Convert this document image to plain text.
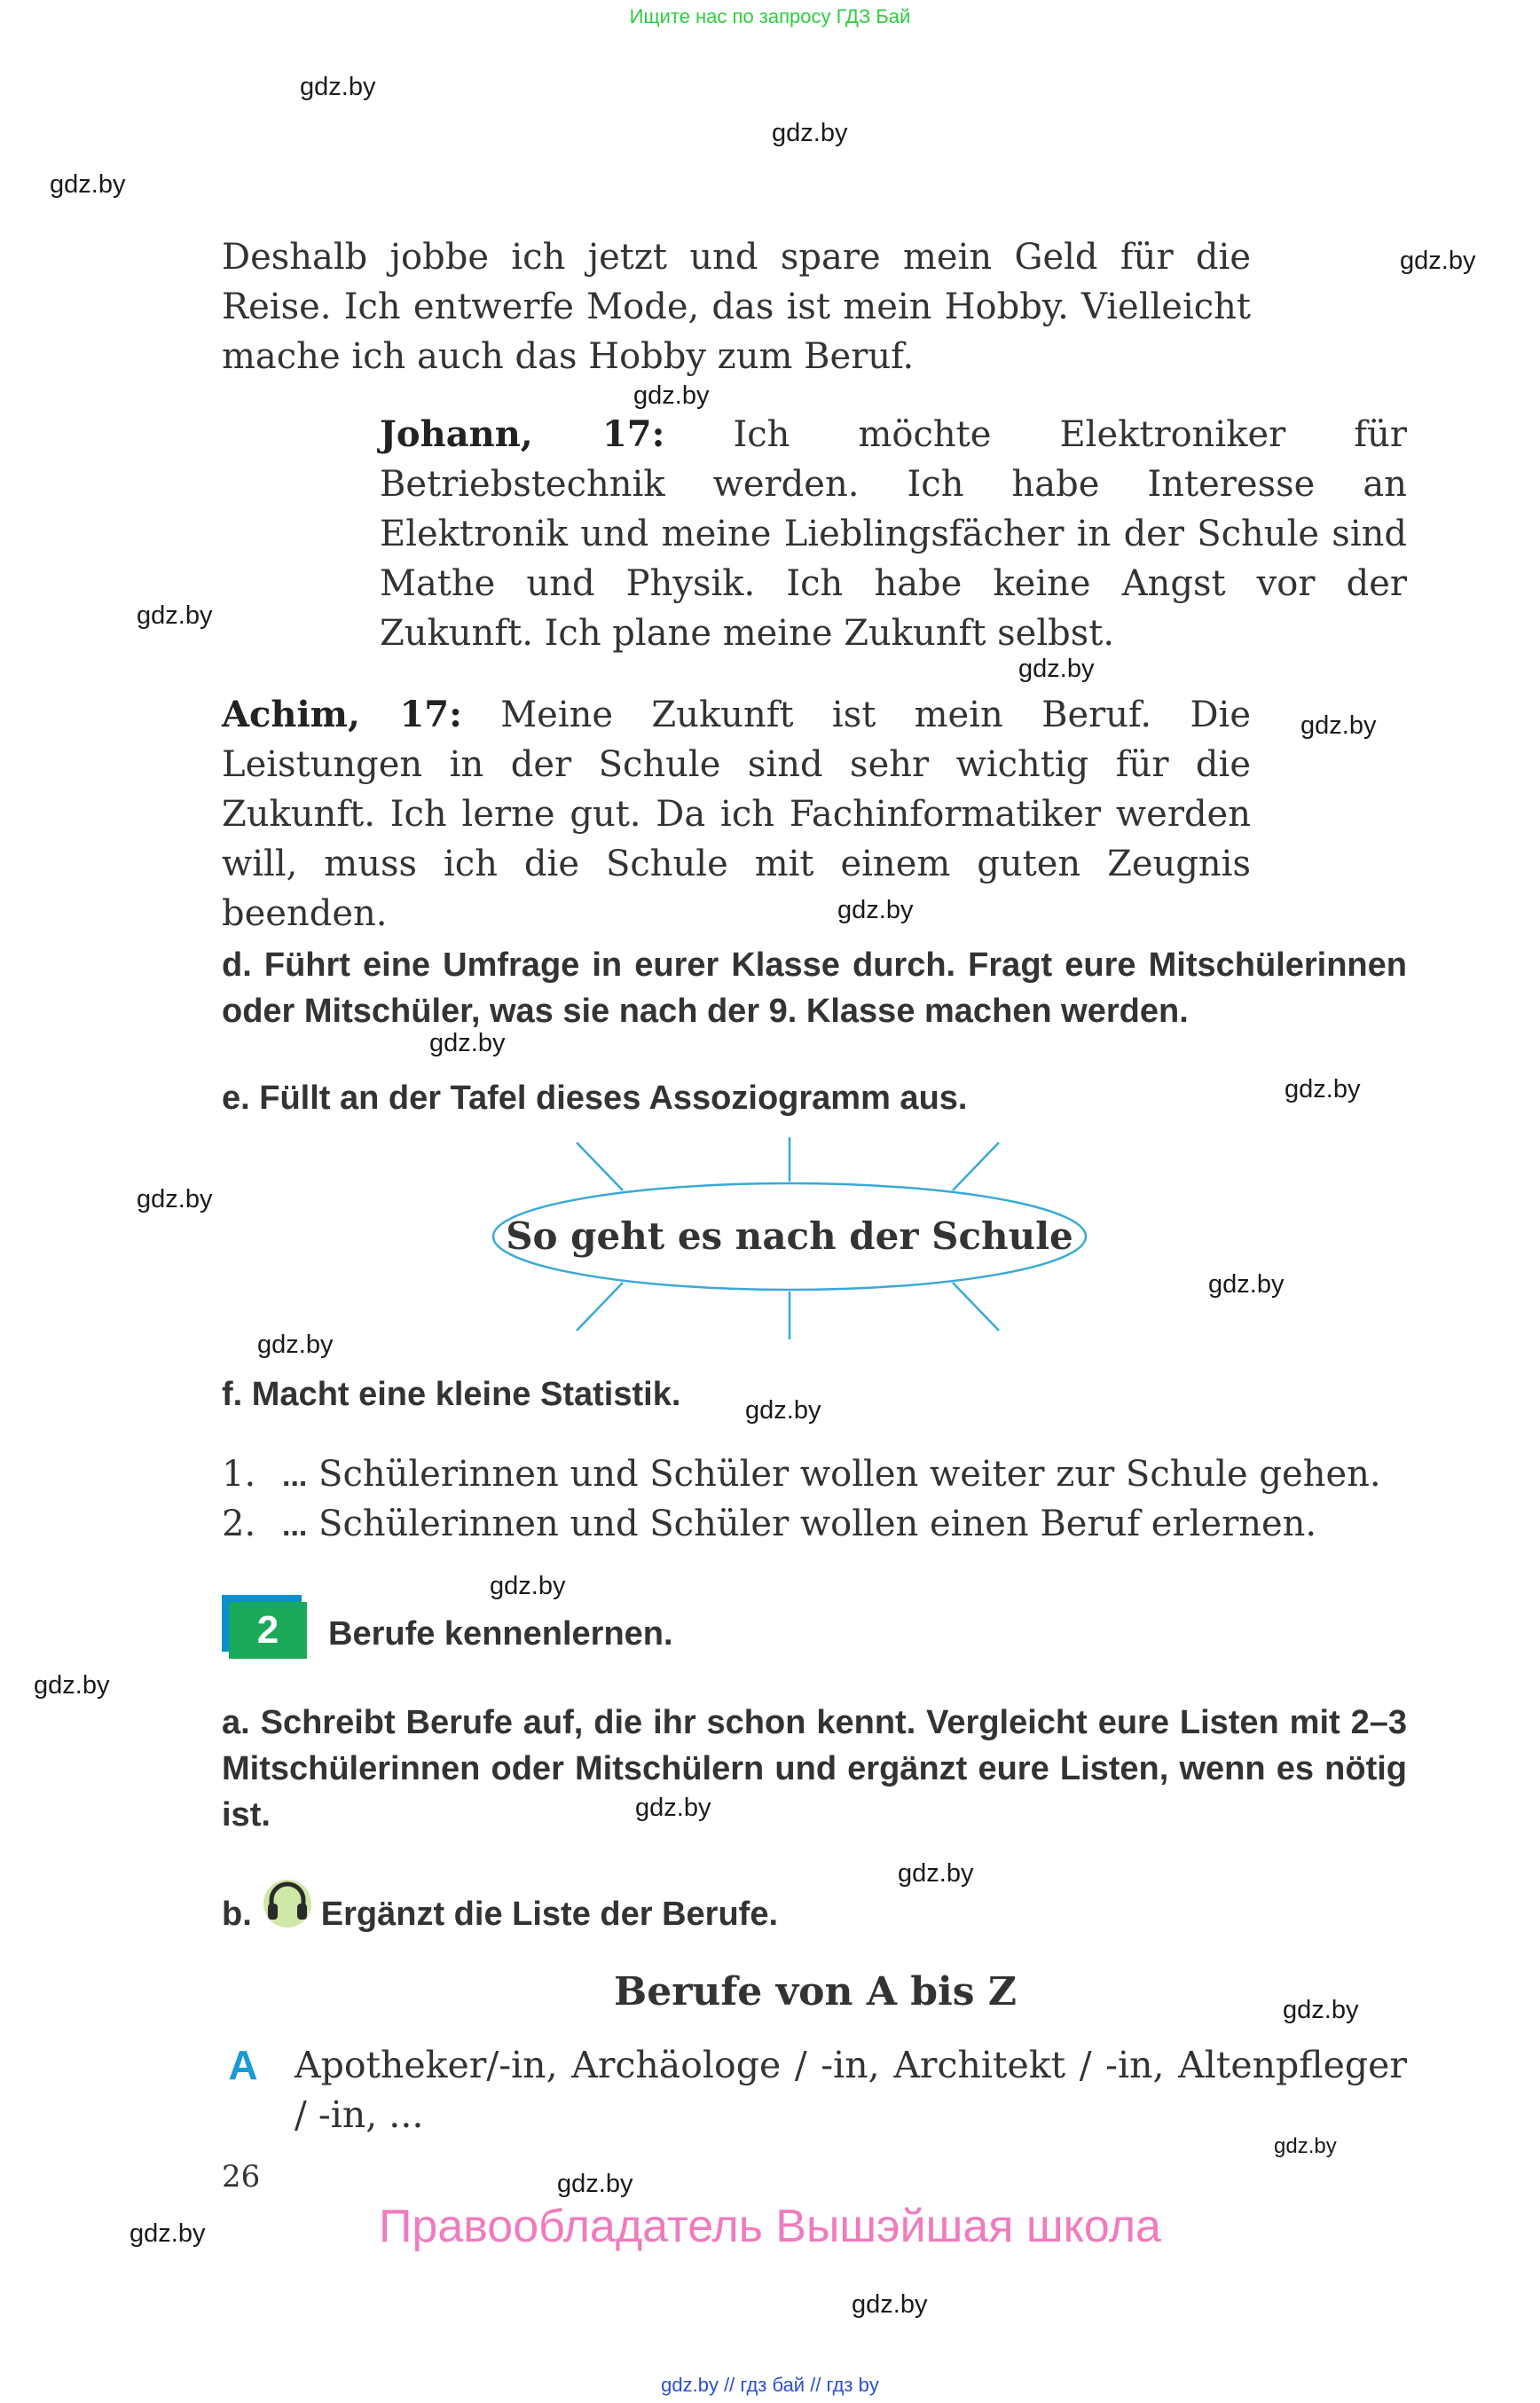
Ищите нас по запросу ГДЗ Бай
gdz.by
gdz.by
gdz.by
gdz.by
gdz.by
gdz.by
gdz.by
gdz.by
gdz.by
gdz.by
gdz.by
gdz.by
gdz.by
gdz.by
gdz.by
gdz.by
gdz.by
gdz.by
gdz.by
gdz.by
gdz.by
gdz.by
gdz.by
gdz.by

Deshalb jobbe ich jetzt und spare mein Geld für die Reise. Ich entwerfe Mode, das ist mein Hobby. Vielleicht mache ich auch das Hobby zum Beruf.

Johann, 17: Ich möchte Elektroniker für Betriebstechnik werden. Ich habe Interesse an Elektronik und meine Lieblingsfächer in der Schule sind Mathe und Physik. Ich habe keine Angst vor der Zukunft. Ich plane meine Zukunft selbst.

Achim, 17: Meine Zukunft ist mein Beruf. Die Leistungen in der Schule sind sehr wichtig für die Zukunft. Ich lerne gut. Da ich Fachinformatiker werden will, muss ich die Schule mit einem guten Zeugnis beenden.

d. Führt eine Umfrage in eurer Klasse durch. Fragt eure Mitschülerinnen oder Mitschüler, was sie nach der 9. Klasse machen werden.

e. Füllt an der Tafel dieses Assoziogramm aus.

So geht es nach der Schule

f. Macht eine kleine Statistik.

1. ... Schülerinnen und Schüler wollen weiter zur Schule gehen.
2. ... Schülerinnen und Schüler wollen einen Beruf erlernen.
2	Berufe kennenlernen.

a. Schreibt Berufe auf, die ihr schon kennt. Vergleicht eure Listen mit 2–3 Mitschülerinnen oder Mitschülern und ergänzt eure Listen, wenn es nötig ist.

b. Ergänzt die Liste der Berufe.
Berufe von A bis Z
A Apotheker/-in, Archäologe / -in, Architekt / -in, Altenpfleger / -in, ...

26
Правообладатель Вышэйшая школа
gdz.by // гдз бай // гдз by
